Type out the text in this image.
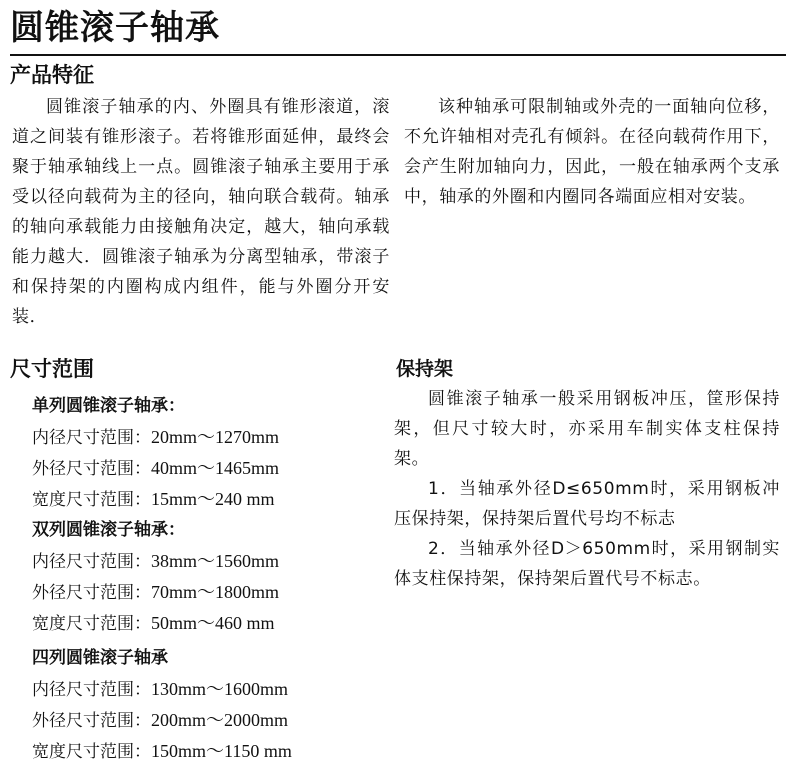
圆锥滚子轴承
产品特征

圆锥滚子轴承的内、外圈具有锥形滚道，滚道之间装有锥形滚子。若将锥形面延伸，最终会聚于轴承轴线上一点。圆锥滚子轴承主要用于承受以径向载荷为主的径向，轴向联合载荷。轴承的轴向承载能力由接触角决定，越大，轴向承载能力越大．圆锥滚子轴承为分离型轴承，带滚子和保持架的内圈构成内组件，能与外圈分开安装．

该种轴承可限制轴或外壳的一面轴向位移，不允许轴相对壳孔有倾斜。在径向载荷作用下，会产生附加轴向力，因此，一般在轴承两个支承中，轴承的外圈和内圈同各端面应相对安装。

尺寸范围
单列圆锥滚子轴承：
内径尺寸范围：20mm～1270mm
外径尺寸范围：40mm～1465mm
宽度尺寸范围：15mm～240 mm
双列圆锥滚子轴承：
内径尺寸范围：38mm～1560mm
外径尺寸范围：70mm～1800mm
宽度尺寸范围：50mm～460 mm
四列圆锥滚子轴承
内径尺寸范围：130mm～1600mm
外径尺寸范围：200mm～2000mm
宽度尺寸范围：150mm～1150 mm
保持架

圆锥滚子轴承一般采用钢板冲压，筐形保持架，但尺寸较大时，亦采用车制实体支柱保持架。

1．当轴承外径D≤650mm时，采用钢板冲压保持架，保持架后置代号均不标志

2．当轴承外径D＞650mm时，采用钢制实体支柱保持架，保持架后置代号不标志。
